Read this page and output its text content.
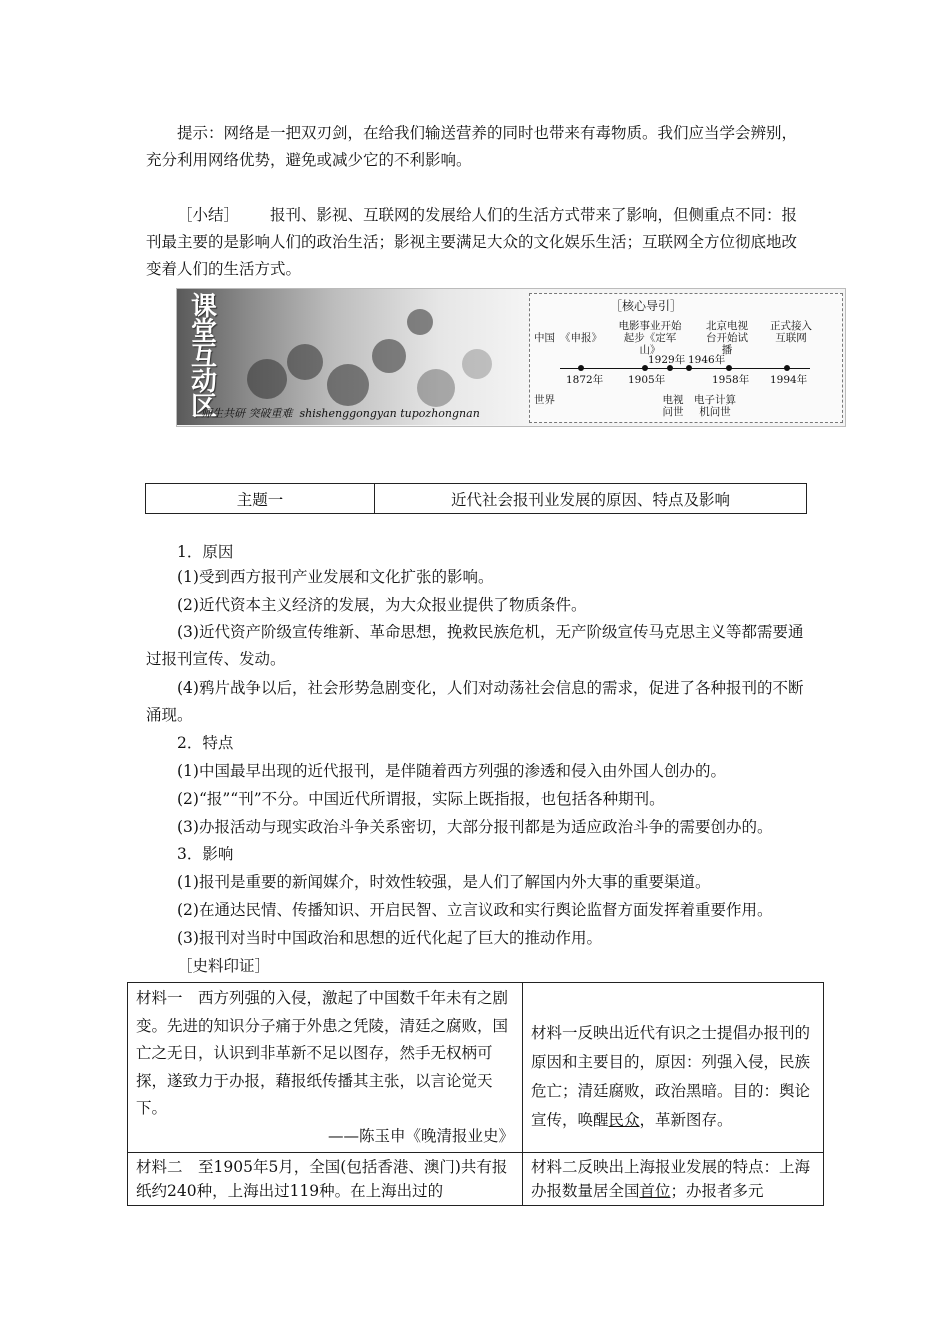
提示：网络是一把双刃剑，在给我们输送营养的同时也带来有毒物质。我们应当学会辨别，充分利用网络优势，避免或减少它的不利影响。
［小结］ 报刊、影视、互联网的发展给人们的生活方式带来了影响，但侧重点不同：报刊最主要的是影响人们的政治生活；影视主要满足大众的文化娱乐生活；互联网全方位彻底地改变着人们的生活方式。
课堂互动区
师生共研 突破重难 shishenggongyan tupozhongnan
［核心导引］
中国
世界
《申报》
电影事业开始起步《定军山》
北京电视台开始试播
正式接入互联网
1872年 1905年
1929年 1946年
1958年 1994年
电视问世
电子计算机问世
主题一	近代社会报刊业发展的原因、特点及影响
1．原因
(1)受到西方报刊产业发展和文化扩张的影响。
(2)近代资本主义经济的发展，为大众报业提供了物质条件。
(3)近代资产阶级宣传维新、革命思想，挽救民族危机，无产阶级宣传马克思主义等都需要通过报刊宣传、发动。
(4)鸦片战争以后，社会形势急剧变化，人们对动荡社会信息的需求，促进了各种报刊的不断涌现。
2．特点
(1)中国最早出现的近代报刊，是伴随着西方列强的渗透和侵入由外国人创办的。
(2)“报”“刊”不分。中国近代所谓报，实际上既指报，也包括各种期刊。
(3)办报活动与现实政治斗争关系密切，大部分报刊都是为适应政治斗争的需要创办的。
3．影响
(1)报刊是重要的新闻媒介，时效性较强，是人们了解国内外大事的重要渠道。
(2)在通达民情、传播知识、开启民智、立言议政和实行舆论监督方面发挥着重要作用。
(3)报刊对当时中国政治和思想的近代化起了巨大的推动作用。
［史料印证］
材料一　西方列强的入侵，激起了中国数千年未有之剧变。先进的知识分子痛于外患之凭陵，清廷之腐败，国亡之无日，认识到非革新不足以图存，然手无权柄可探，遂致力于办报，藉报纸传播其主张，以言论觉天下。
——陈玉申《晚清报业史》	材料一反映出近代有识之士提倡办报刊的原因和主要目的，原因：列强入侵，民族危亡；清廷腐败，政治黑暗。目的：舆论宣传，唤醒民众，革新图存。
材料二　至1905年5月，全国(包括香港、澳门)共有报纸约240种，上海出过119种。在上海出过的	材料二反映出上海报业发展的特点：上海办报数量居全国首位；办报者多元
